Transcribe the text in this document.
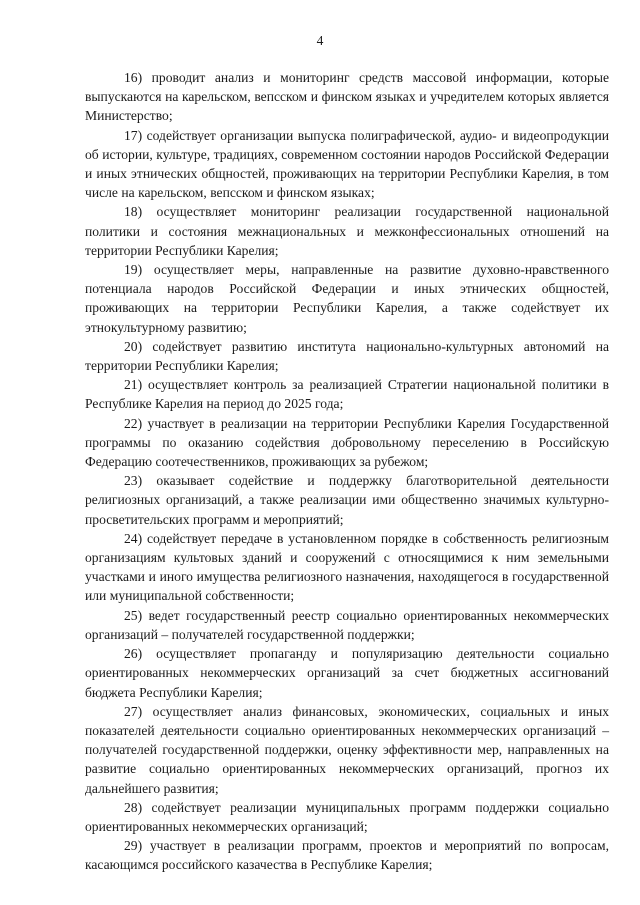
4

16) проводит анализ и мониторинг средств массовой информации, которые выпускаются на карельском, вепсском и финском языках и учредителем которых является Министерство;

17) содействует организации выпуска полиграфической, аудио- и видеопродукции об истории, культуре, традициях, современном состоянии народов Российской Федерации и иных этнических общностей, проживающих на территории Республики Карелия, в том числе на карельском, вепсском и финском языках;

18) осуществляет мониторинг реализации государственной национальной политики и состояния межнациональных и межконфессиональных отношений на территории Республики Карелия;

19) осуществляет меры, направленные на развитие духовно-нравственного потенциала народов Российской Федерации и иных этнических общностей, проживающих на территории Республики Карелия, а также содействует их этнокультурному развитию;

20) содействует развитию института национально-культурных автономий на территории Республики Карелия;

21) осуществляет контроль за реализацией Стратегии национальной политики в Республике Карелия на период до 2025 года;

22) участвует в реализации на территории Республики Карелия Государственной программы по оказанию содействия добровольному переселению в Российскую Федерацию соотечественников, проживающих за рубежом;

23) оказывает содействие и поддержку благотворительной деятельности религиозных организаций, а также реализации ими общественно значимых культурно-просветительских программ и мероприятий;

24) содействует передаче в установленном порядке в собственность религиозным организациям культовых зданий и сооружений с относящимися к ним земельными участками и иного имущества религиозного назначения, находящегося в государственной или муниципальной собственности;

25) ведет государственный реестр социально ориентированных некоммерческих организаций – получателей государственной поддержки;

26) осуществляет пропаганду и популяризацию деятельности социально ориентированных некоммерческих организаций за счет бюджетных ассигнований бюджета Республики Карелия;

27) осуществляет анализ финансовых, экономических, социальных и иных показателей деятельности социально ориентированных некоммерческих организаций – получателей государственной поддержки, оценку эффективности мер, направленных на развитие социально ориентированных некоммерческих организаций, прогноз их дальнейшего развития;

28) содействует реализации муниципальных программ поддержки социально ориентированных некоммерческих организаций;

29) участвует в реализации программ, проектов и мероприятий по вопросам, касающимся российского казачества в Республике Карелия;
